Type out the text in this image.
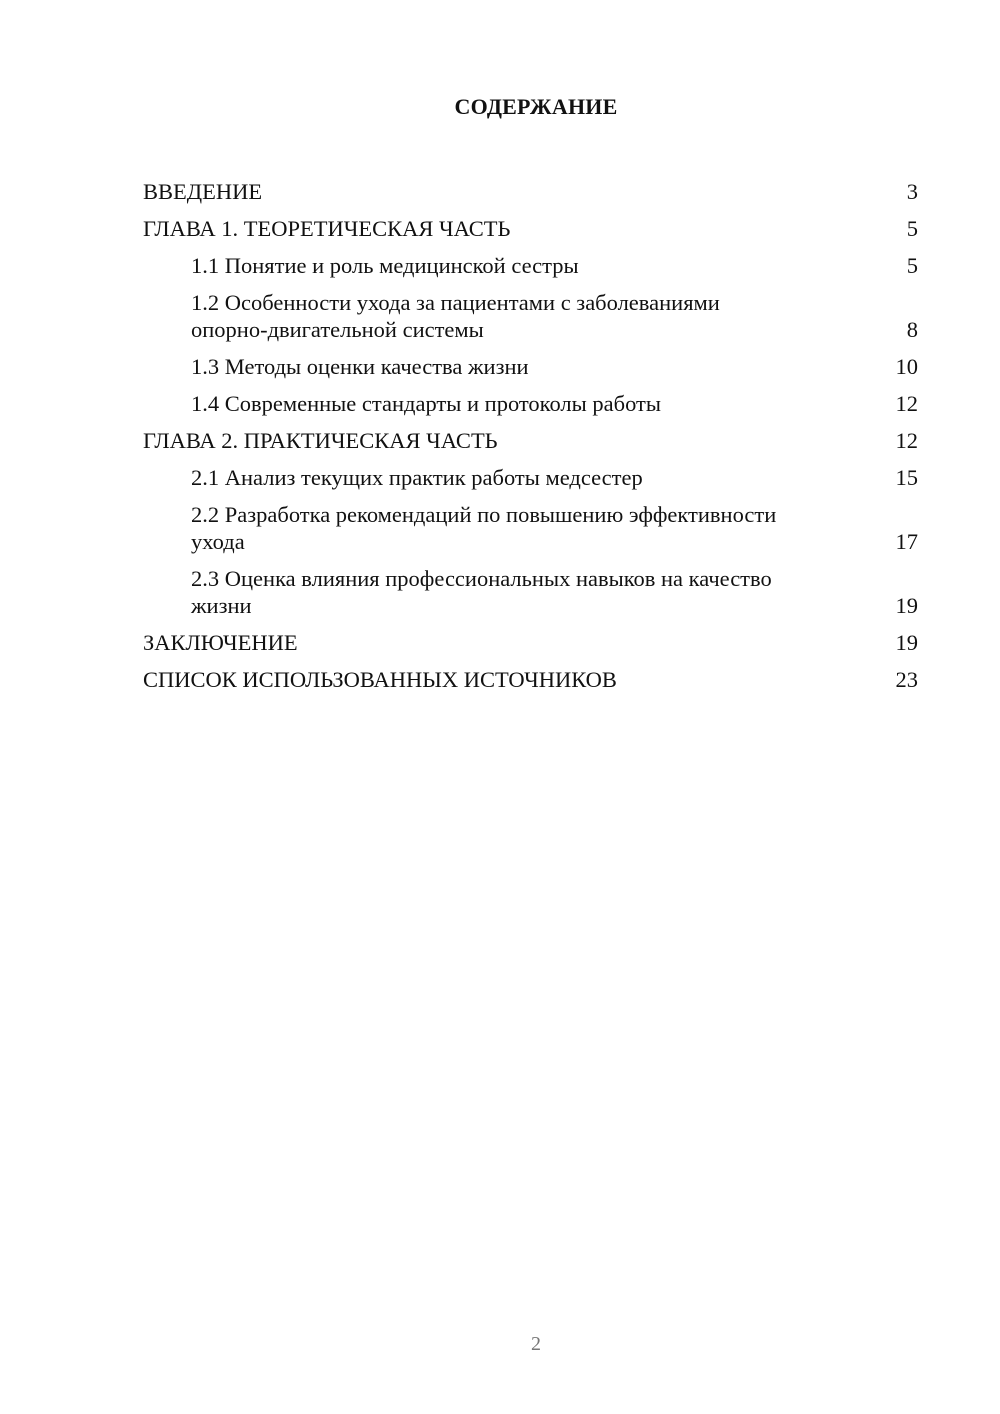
СОДЕРЖАНИЕ
ВВЕДЕНИЕ	3
ГЛАВА 1. ТЕОРЕТИЧЕСКАЯ ЧАСТЬ	5
1.1 Понятие и роль медицинской сестры	5
1.2 Особенности ухода за пациентами с заболеваниями опорно-двигательной системы	8
1.3 Методы оценки качества жизни	10
1.4 Современные стандарты и протоколы работы	12
ГЛАВА 2. ПРАКТИЧЕСКАЯ ЧАСТЬ	12
2.1 Анализ текущих практик работы медсестер	15
2.2 Разработка рекомендаций по повышению эффективности ухода	17
2.3 Оценка влияния профессиональных навыков на качество жизни	19
ЗАКЛЮЧЕНИЕ	19
СПИСОК ИСПОЛЬЗОВАННЫХ ИСТОЧНИКОВ	23
2
